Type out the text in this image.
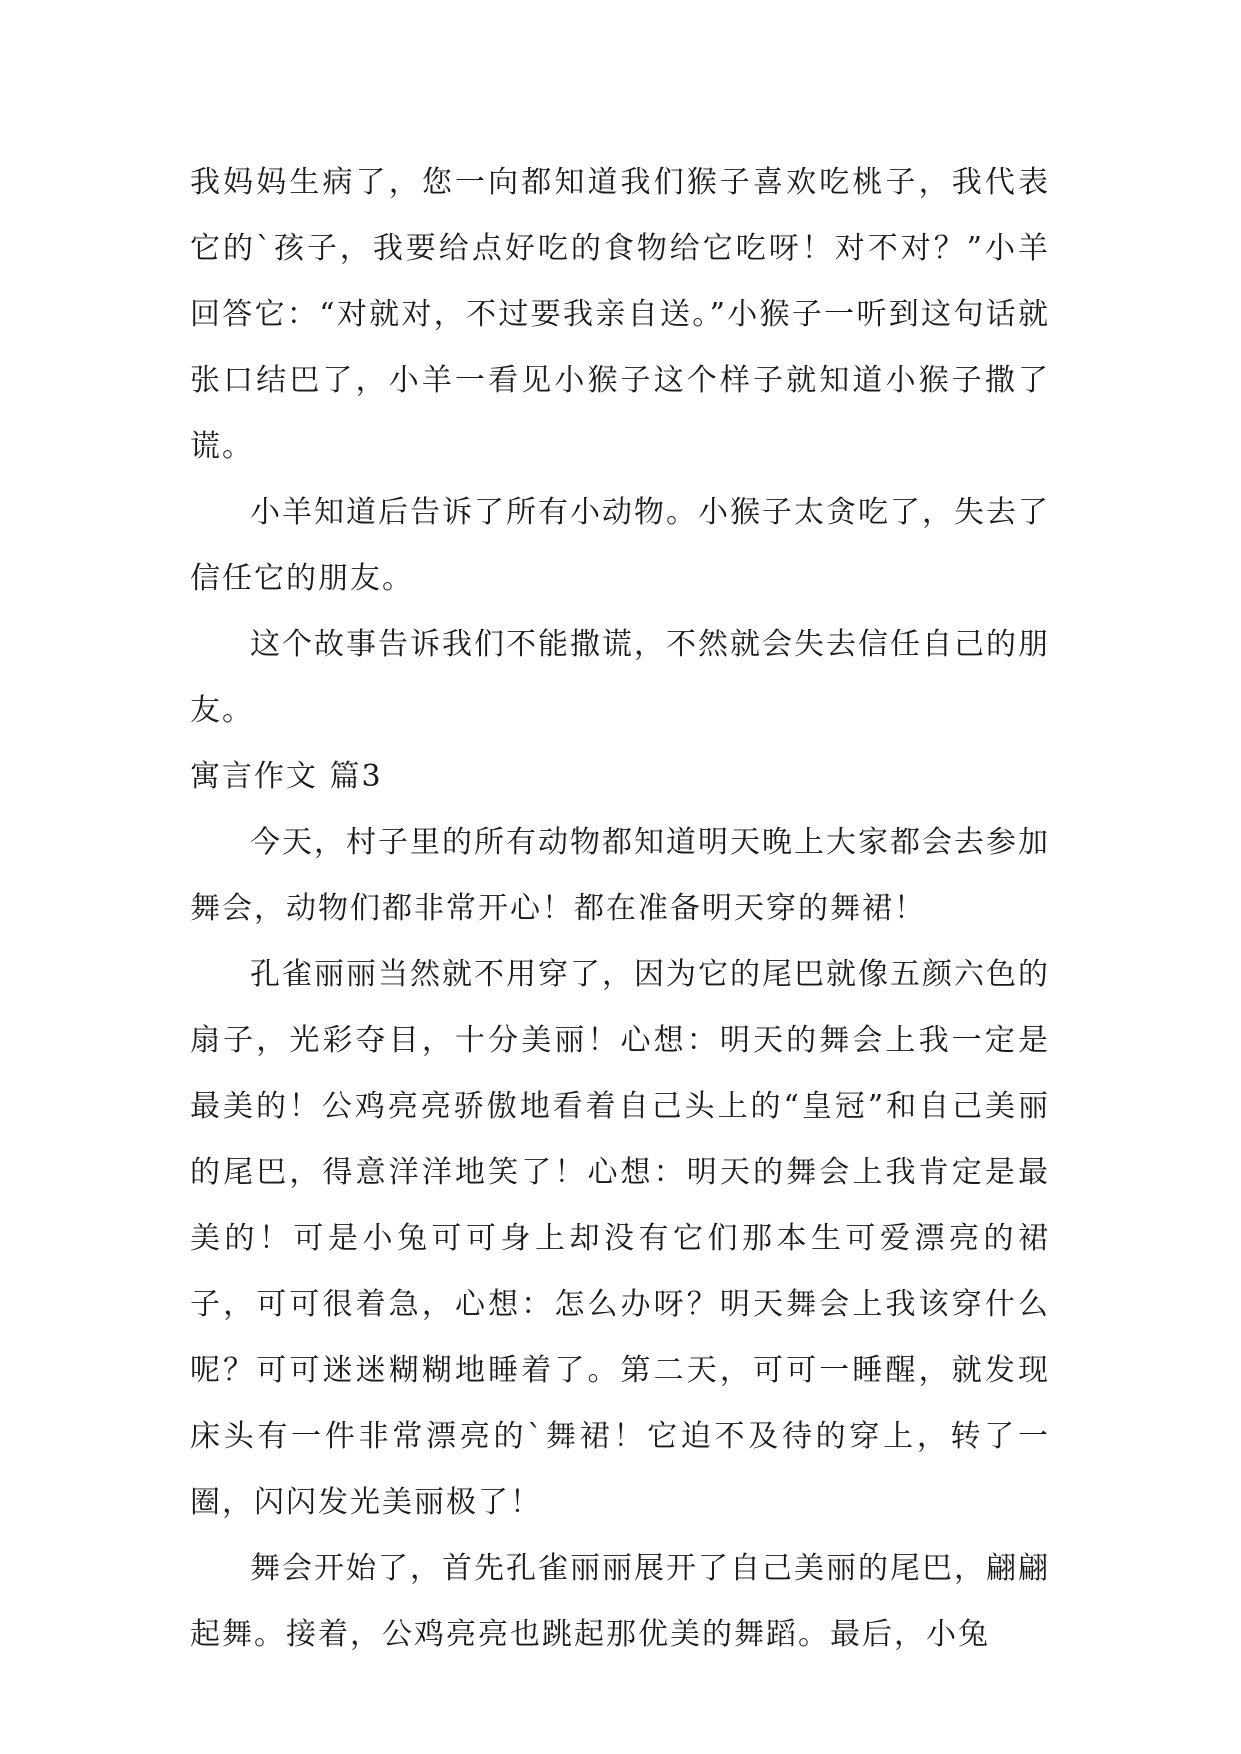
我妈妈生病了，您一向都知道我们猴子喜欢吃桃子，我代表它的`孩子，我要给点好吃的食物给它吃呀！对不对？”小羊回答它：“对就对，不过要我亲自送。”小猴子一听到这句话就张口结巴了，小羊一看见小猴子这个样子就知道小猴子撒了谎。

小羊知道后告诉了所有小动物。小猴子太贪吃了，失去了信任它的朋友。

这个故事告诉我们不能撒谎，不然就会失去信任自己的朋友。

寓言作文 篇3

今天，村子里的所有动物都知道明天晚上大家都会去参加舞会，动物们都非常开心！都在准备明天穿的舞裙！

孔雀丽丽当然就不用穿了，因为它的尾巴就像五颜六色的扇子，光彩夺目，十分美丽！心想：明天的舞会上我一定是最美的！公鸡亮亮骄傲地看着自己头上的“皇冠”和自己美丽的尾巴，得意洋洋地笑了！心想：明天的舞会上我肯定是最美的！可是小兔可可身上却没有它们那本生可爱漂亮的裙子，可可很着急，心想：怎么办呀？明天舞会上我该穿什么呢？可可迷迷糊糊地睡着了。第二天，可可一睡醒，就发现床头有一件非常漂亮的`舞裙！它迫不及待的穿上，转了一圈，闪闪发光美丽极了！

舞会开始了，首先孔雀丽丽展开了自己美丽的尾巴，翩翩起舞。接着，公鸡亮亮也跳起那优美的舞蹈。最后，小兔
